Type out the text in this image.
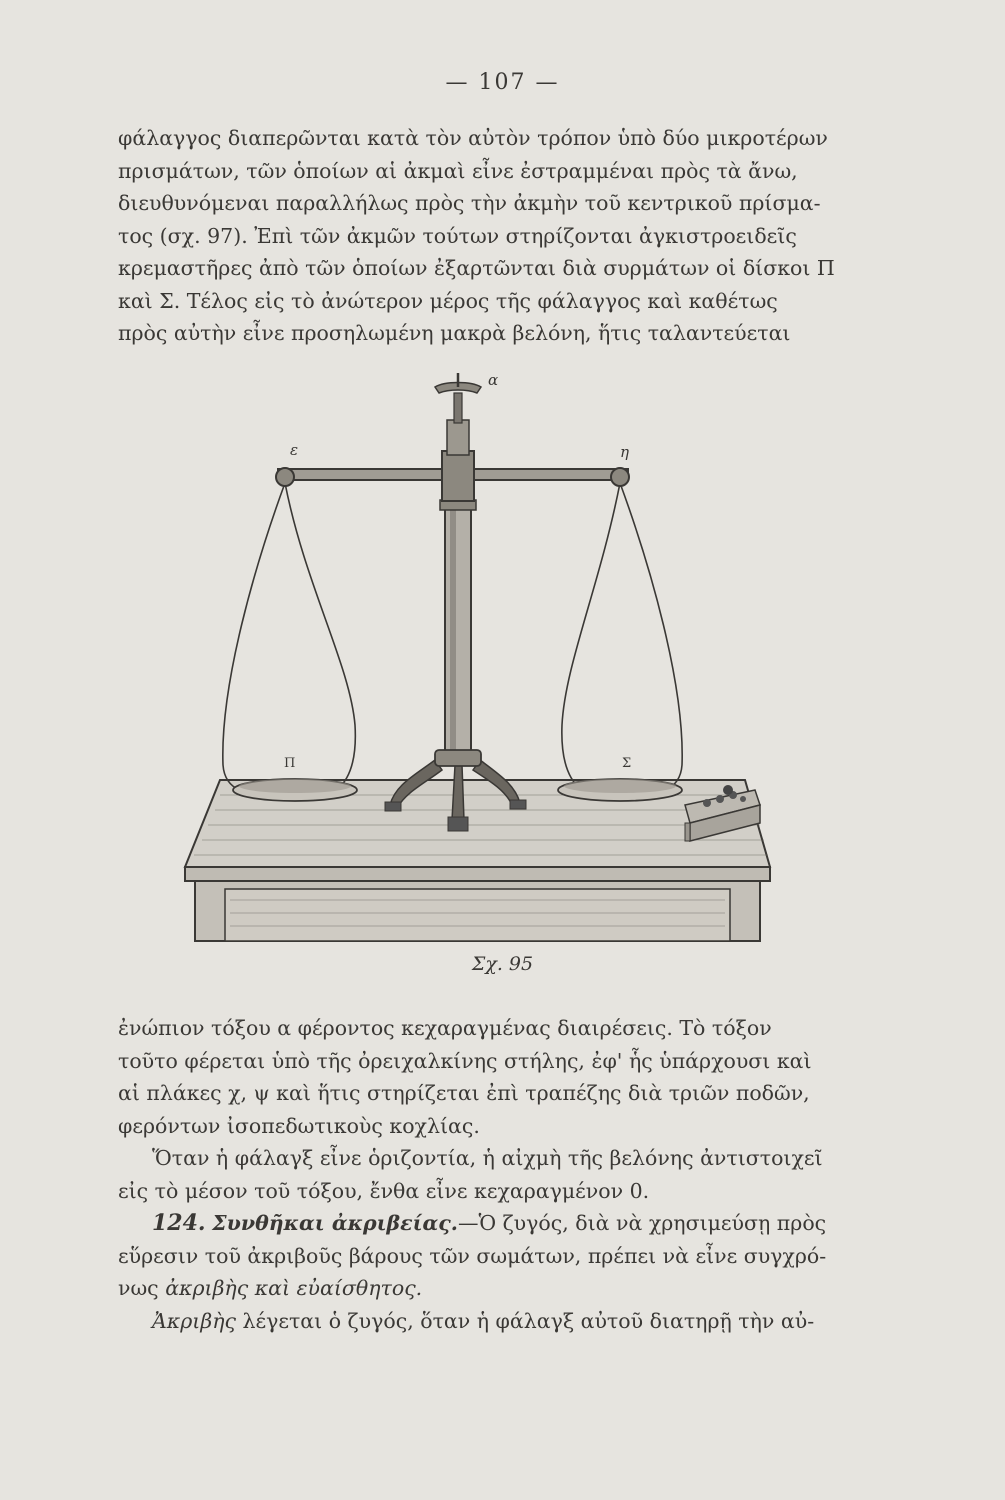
— 107 —

φάλαγγος διαπερῶνται κατὰ τὸν αὐτὸν τρόπον ὑπὸ δύο μικροτέρων
πρισμάτων, τῶν ὁποίων αἱ ἀκμαὶ εἶνε ἐστραμμέναι πρὸς τὰ ἄνω,
διευθυνόμεναι παραλλήλως πρὸς τὴν ἀκμὴν τοῦ κεντρικοῦ πρίσμα-
τος (σχ. 97). Ἐπὶ τῶν ἀκμῶν τούτων στηρίζονται ἀγκιστροειδεῖς
κρεμαστῆρες ἀπὸ τῶν ὁποίων ἐξαρτῶνται διὰ συρμάτων οἱ δίσκοι Π
καὶ Σ. Τέλος εἰς τὸ ἀνώτερον μέρος τῆς φάλαγγος καὶ καθέτως
πρὸς αὐτὴν εἶνε προσηλωμένη μακρὰ βελόνη, ἥτις ταλαντεύεται

α
ε	η
Π	Σ
Σχ. 95

ἐνώπιον τόξου α φέροντος κεχαραγμένας διαιρέσεις. Τὸ τόξον
τοῦτο φέρεται ὑπὸ τῆς ὀρειχαλκίνης στήλης, ἐφ' ἧς ὑπάρχουσι καὶ
αἱ πλάκες χ, ψ καὶ ἥτις στηρίζεται ἐπὶ τραπέζης διὰ τριῶν ποδῶν,
φερόντων ἰσοπεδωτικοὺς κοχλίας.

Ὅταν ἡ φάλαγξ εἶνε ὁριζοντία, ἡ αἰχμὴ τῆς βελόνης ἀντιστοιχεῖ
εἰς τὸ μέσον τοῦ τόξου, ἔνθα εἶνε κεχαραγμένον 0.

124. Συνθῆκαι ἀκριβείας.—Ὁ ζυγός, διὰ νὰ χρησιμεύσῃ πρὸς
εὕρεσιν τοῦ ἀκριβοῦς βάρους τῶν σωμάτων, πρέπει νὰ εἶνε συγχρό-
νως ἀκριβὴς καὶ εὐαίσθητος.

Ἀκριβὴς λέγεται ὁ ζυγός, ὅταν ἡ φάλαγξ αὐτοῦ διατηρῇ τὴν αὐ-
